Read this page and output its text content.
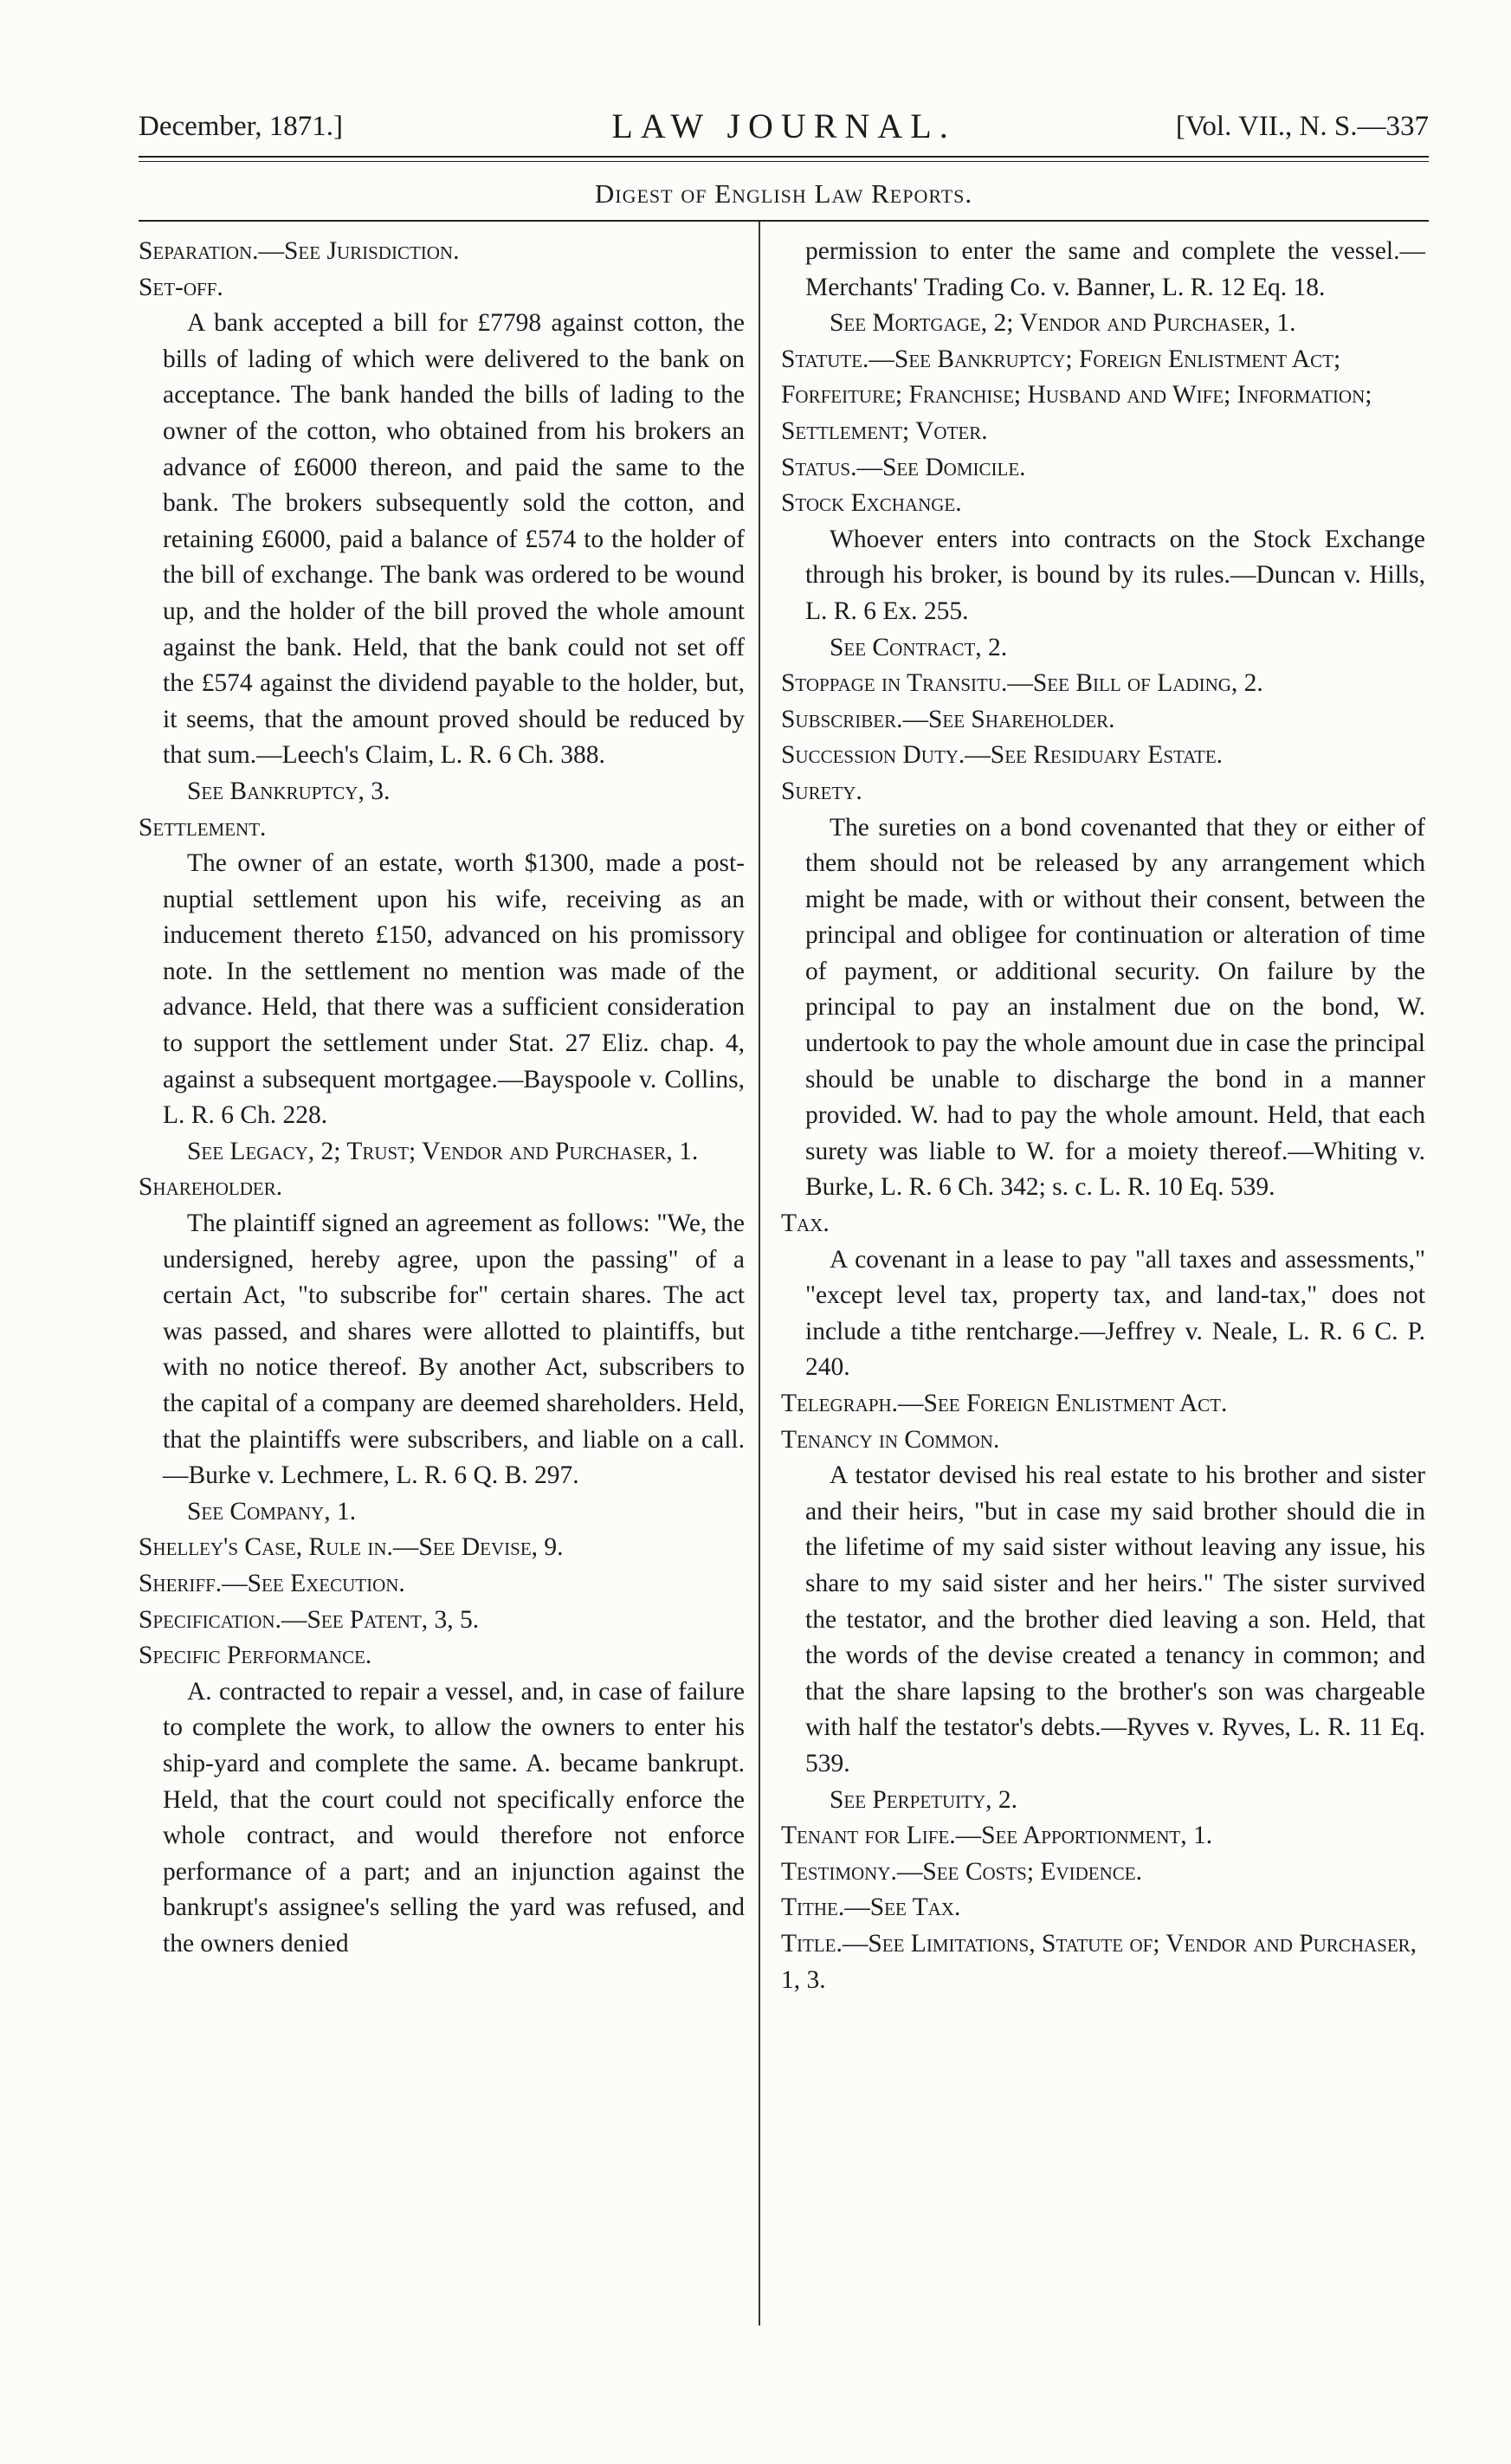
December, 1871.]	LAW JOURNAL.	[Vol. VII., N. S.—337
Digest of English Law Reports.

Separation.—See Jurisdiction.

Set-off.

A bank accepted a bill for £7798 against cotton, the bills of lading of which were delivered to the bank on acceptance. The bank handed the bills of lading to the owner of the cotton, who obtained from his brokers an advance of £6000 thereon, and paid the same to the bank. The brokers subsequently sold the cotton, and retaining £6000, paid a balance of £574 to the holder of the bill of exchange. The bank was ordered to be wound up, and the holder of the bill proved the whole amount against the bank. Held, that the bank could not set off the £574 against the dividend payable to the holder, but, it seems, that the amount proved should be reduced by that sum.—Leech's Claim, L. R. 6 Ch. 388.

See Bankruptcy, 3.

Settlement.

The owner of an estate, worth $1300, made a post-nuptial settlement upon his wife, receiving as an inducement thereto £150, advanced on his promissory note. In the settlement no mention was made of the advance. Held, that there was a sufficient consideration to support the settlement under Stat. 27 Eliz. chap. 4, against a subsequent mortgagee.—Bayspoole v. Collins, L. R. 6 Ch. 228.

See Legacy, 2; Trust; Vendor and Purchaser, 1.

Shareholder.

The plaintiff signed an agreement as follows: "We, the undersigned, hereby agree, upon the passing" of a certain Act, "to subscribe for" certain shares. The act was passed, and shares were allotted to plaintiffs, but with no notice thereof. By another Act, subscribers to the capital of a company are deemed shareholders. Held, that the plaintiffs were subscribers, and liable on a call.—Burke v. Lechmere, L. R. 6 Q. B. 297.

See Company, 1.

Shelley's Case, Rule in.—See Devise, 9.

Sheriff.—See Execution.

Specification.—See Patent, 3, 5.

Specific Performance.

A. contracted to repair a vessel, and, in case of failure to complete the work, to allow the owners to enter his ship-yard and complete the same. A. became bankrupt. Held, that the court could not specifically enforce the whole contract, and would therefore not enforce performance of a part; and an injunction against the bankrupt's assignee's selling the yard was refused, and the owners denied

permission to enter the same and complete the vessel.—Merchants' Trading Co. v. Banner, L. R. 12 Eq. 18.

See Mortgage, 2; Vendor and Purchaser, 1.

Statute.—See Bankruptcy; Foreign Enlistment Act; Forfeiture; Franchise; Husband and Wife; Information; Settlement; Voter.

Status.—See Domicile.

Stock Exchange.

Whoever enters into contracts on the Stock Exchange through his broker, is bound by its rules.—Duncan v. Hills, L. R. 6 Ex. 255.

See Contract, 2.

Stoppage in Transitu.—See Bill of Lading, 2.

Subscriber.—See Shareholder.

Succession Duty.—See Residuary Estate.

Surety.

The sureties on a bond covenanted that they or either of them should not be released by any arrangement which might be made, with or without their consent, between the principal and obligee for continuation or alteration of time of payment, or additional security. On failure by the principal to pay an instalment due on the bond, W. undertook to pay the whole amount due in case the principal should be unable to discharge the bond in a manner provided. W. had to pay the whole amount. Held, that each surety was liable to W. for a moiety thereof.—Whiting v. Burke, L. R. 6 Ch. 342; s. c. L. R. 10 Eq. 539.

Tax.

A covenant in a lease to pay "all taxes and assessments," "except level tax, property tax, and land-tax," does not include a tithe rentcharge.—Jeffrey v. Neale, L. R. 6 C. P. 240.

Telegraph.—See Foreign Enlistment Act.

Tenancy in Common.

A testator devised his real estate to his brother and sister and their heirs, "but in case my said brother should die in the lifetime of my said sister without leaving any issue, his share to my said sister and her heirs." The sister survived the testator, and the brother died leaving a son. Held, that the words of the devise created a tenancy in common; and that the share lapsing to the brother's son was chargeable with half the testator's debts.—Ryves v. Ryves, L. R. 11 Eq. 539.

See Perpetuity, 2.

Tenant for Life.—See Apportionment, 1.

Testimony.—See Costs; Evidence.

Tithe.—See Tax.

Title.—See Limitations, Statute of; Vendor and Purchaser, 1, 3.
